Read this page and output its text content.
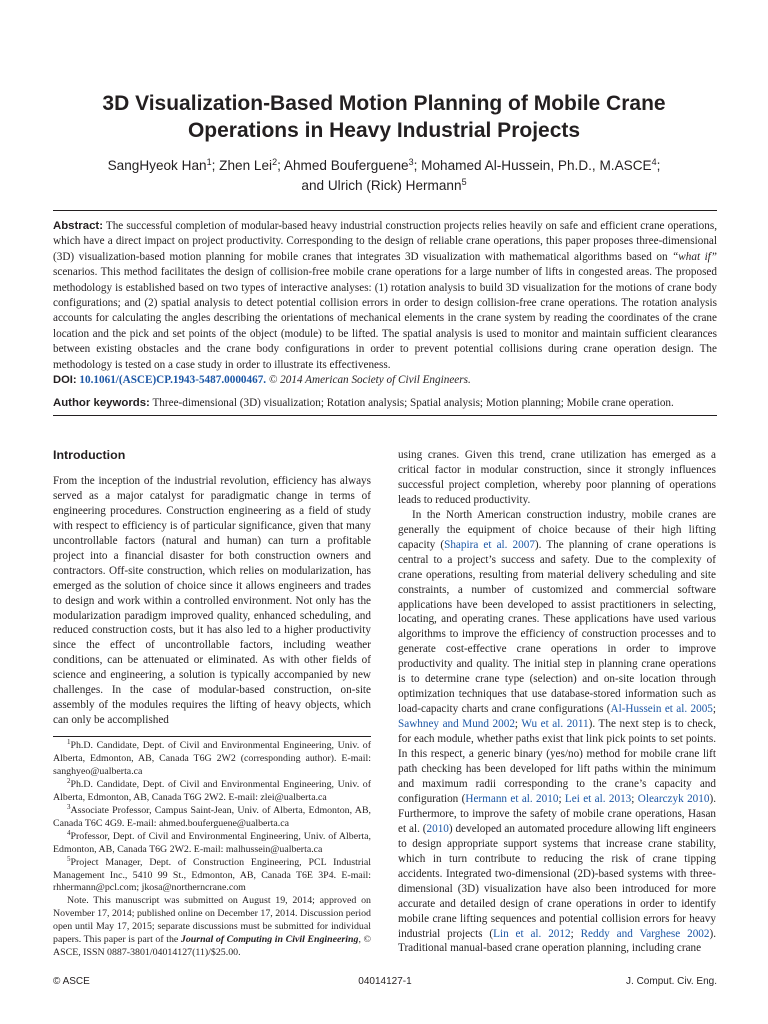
3D Visualization-Based Motion Planning of Mobile Crane Operations in Heavy Industrial Projects
SangHyeok Han$^1$; Zhen Lei$^2$; Ahmed Bouferguene$^3$; Mohamed Al-Hussein, Ph.D., M.ASCE$^4$;
and Ulrich (Rick) Hermann$^5$

Abstract: The successful completion of modular-based heavy industrial construction projects relies heavily on safe and efficient crane operations, which have a direct impact on project productivity. Corresponding to the design of reliable crane operations, this paper proposes three-dimensional (3D) visualization-based motion planning for mobile cranes that integrates 3D visualization with mathematical algorithms based on “what if” scenarios. This method facilitates the design of collision-free mobile crane operations for a large number of lifts in congested areas. The proposed methodology is established based on two types of interactive analyses: (1) rotation analysis to build 3D visualization for the motions of crane body configurations; and (2) spatial analysis to detect potential collision errors in order to design collision-free crane operations. The rotation analysis accounts for calculating the angles describing the orientations of mechanical elements in the crane system by reading the coordinates of the crane location and the pick and set points of the object (module) to be lifted. The spatial analysis is used to monitor and maintain sufficient clearances between existing obstacles and the crane body configurations in order to prevent potential collisions during crane operation design. The methodology is tested on a case study in order to illustrate its effectiveness.
DOI: 10.1061/(ASCE)CP.1943-5487.0000467. © 2014 American Society of Civil Engineers.

Author keywords: Three-dimensional (3D) visualization; Rotation analysis; Spatial analysis; Motion planning; Mobile crane operation.

Introduction

From the inception of the industrial revolution, efficiency has always served as a major catalyst for paradigmatic change in terms of engineering procedures. Construction engineering as a field of study with respect to efficiency is of particular significance, given that many uncontrollable factors (natural and human) can turn a profitable project into a financial disaster for both construction owners and contractors. Off-site construction, which relies on modularization, has emerged as the solution of choice since it allows engineers and trades to design and work within a controlled environment. Not only has the modularization paradigm improved quality, enhanced scheduling, and reduced construction costs, but it has also led to a higher productivity since the effect of uncontrollable factors, including weather conditions, can be attenuated or eliminated. As with other fields of science and engineering, a solution is typically accompanied by new challenges. In the case of modular-based construction, on-site assembly of the modules requires the lifting of heavy objects, which can only be accomplished

using cranes. Given this trend, crane utilization has emerged as a critical factor in modular construction, since it strongly influences successful project completion, whereby poor planning of operations leads to reduced productivity.

In the North American construction industry, mobile cranes are generally the equipment of choice because of their high lifting capacity (Shapira et al. 2007). The planning of crane operations is central to a project’s success and safety. Due to the complexity of crane operations, resulting from material delivery scheduling and site constraints, a number of customized and commercial software applications have been developed to assist practitioners in selecting, locating, and operating cranes. These applications have used various algorithms to improve the efficiency of construction processes and to generate cost-effective crane operations in order to improve productivity and quality. The initial step in planning crane operations is to determine crane type (selection) and on-site location through optimization techniques that use database-stored information such as load-capacity charts and crane configurations (Al-Hussein et al. 2005; Sawhney and Mund 2002; Wu et al. 2011). The next step is to check, for each module, whether paths exist that link pick points to set points. In this respect, a generic binary (yes/no) method for mobile crane lift path checking has been developed for lift paths within the minimum and maximum radii corresponding to the crane’s capacity and configuration (Hermann et al. 2010; Lei et al. 2013; Olearczyk 2010). Furthermore, to improve the safety of mobile crane operations, Hasan et al. (2010) developed an automated procedure allowing lift engineers to design appropriate support systems that increase crane stability, which in turn contribute to reducing the risk of crane tipping accidents. Integrated two-dimensional (2D)-based systems with three-dimensional (3D) visualization have also been introduced for more accurate and detailed design of crane operations in order to identify mobile crane lifting sequences and potential collision errors for heavy industrial projects (Lin et al. 2012; Reddy and Varghese 2002). Traditional manual-based crane operation planning, including crane

$^1$Ph.D. Candidate, Dept. of Civil and Environmental Engineering, Univ. of Alberta, Edmonton, AB, Canada T6G 2W2 (corresponding author). E-mail: sanghyeo@ualberta.ca

$^2$Ph.D. Candidate, Dept. of Civil and Environmental Engineering, Univ. of Alberta, Edmonton, AB, Canada T6G 2W2. E-mail: zlei@ualberta.ca

$^3$Associate Professor, Campus Saint-Jean, Univ. of Alberta, Edmonton, AB, Canada T6C 4G9. E-mail: ahmed.bouferguene@ualberta.ca

$^4$Professor, Dept. of Civil and Environmental Engineering, Univ. of Alberta, Edmonton, AB, Canada T6G 2W2. E-mail: malhussein@ualberta.ca

$^5$Project Manager, Dept. of Construction Engineering, PCL Industrial Management Inc., 5410 99 St., Edmonton, AB, Canada T6E 3P4. E-mail: rhhermann@pcl.com; jkosa@northerncrane.com

Note. This manuscript was submitted on August 19, 2014; approved on November 17, 2014; published online on December 17, 2014. Discussion period open until May 17, 2015; separate discussions must be submitted for individual papers. This paper is part of the Journal of Computing in Civil Engineering, © ASCE, ISSN 0887-3801/04014127(11)/$25.00.

04014127-1
© ASCE	J. Comput. Civ. Eng.
